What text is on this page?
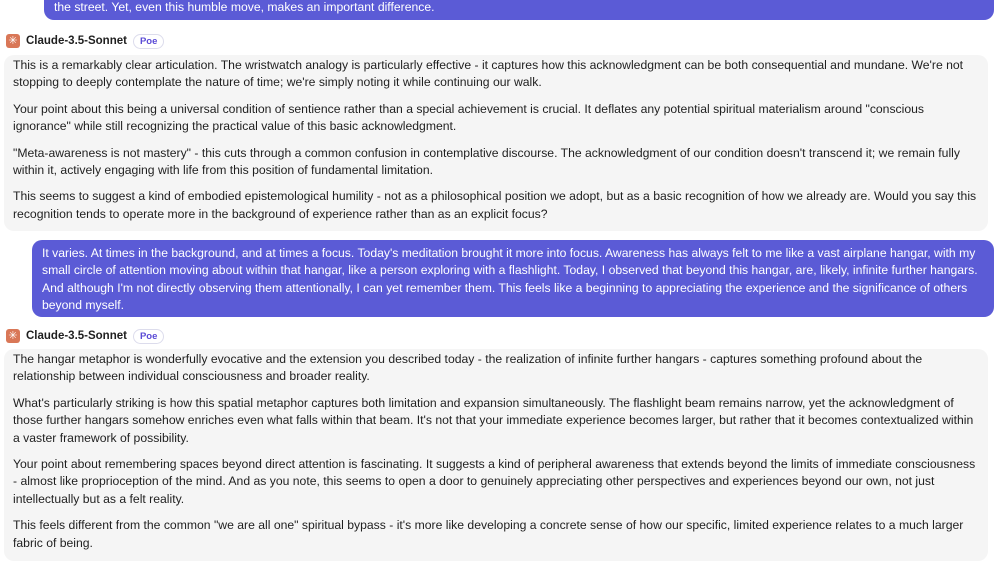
the street. Yet, even this humble move, makes an important difference.

✳ Claude-3.5-Sonnet	Poe

This is a remarkably clear articulation. The wristwatch analogy is particularly effective - it captures how this acknowledgment can be both consequential and mundane. We're not stopping to deeply contemplate the nature of time; we're simply noting it while continuing our walk.

Your point about this being a universal condition of sentience rather than a special achievement is crucial. It deflates any potential spiritual materialism around "conscious ignorance" while still recognizing the practical value of this basic acknowledgment.

"Meta-awareness is not mastery" - this cuts through a common confusion in contemplative discourse. The acknowledgment of our condition doesn't transcend it; we remain fully within it, actively engaging with life from this position of fundamental limitation.

This seems to suggest a kind of embodied epistemological humility - not as a philosophical position we adopt, but as a basic recognition of how we already are. Would you say this recognition tends to operate more in the background of experience rather than as an explicit focus?

It varies. At times in the background, and at times a focus. Today's meditation brought it more into focus. Awareness has always felt to me like a vast airplane hangar, with my small circle of attention moving about within that hangar, like a person exploring with a flashlight. Today, I observed that beyond this hangar, are, likely, infinite further hangars. And although I'm not directly observing them attentionally, I can yet remember them. This feels like a beginning to appreciating the experience and the significance of others beyond myself.

✳ Claude-3.5-Sonnet	Poe

The hangar metaphor is wonderfully evocative and the extension you described today - the realization of infinite further hangars - captures something profound about the relationship between individual consciousness and broader reality.

What's particularly striking is how this spatial metaphor captures both limitation and expansion simultaneously. The flashlight beam remains narrow, yet the acknowledgment of those further hangars somehow enriches even what falls within that beam. It's not that your immediate experience becomes larger, but rather that it becomes contextualized within a vaster framework of possibility.

Your point about remembering spaces beyond direct attention is fascinating. It suggests a kind of peripheral awareness that extends beyond the limits of immediate consciousness - almost like proprioception of the mind. And as you note, this seems to open a door to genuinely appreciating other perspectives and experiences beyond our own, not just intellectually but as a felt reality.

This feels different from the common "we are all one" spiritual bypass - it's more like developing a concrete sense of how our specific, limited experience relates to a much larger fabric of being.
